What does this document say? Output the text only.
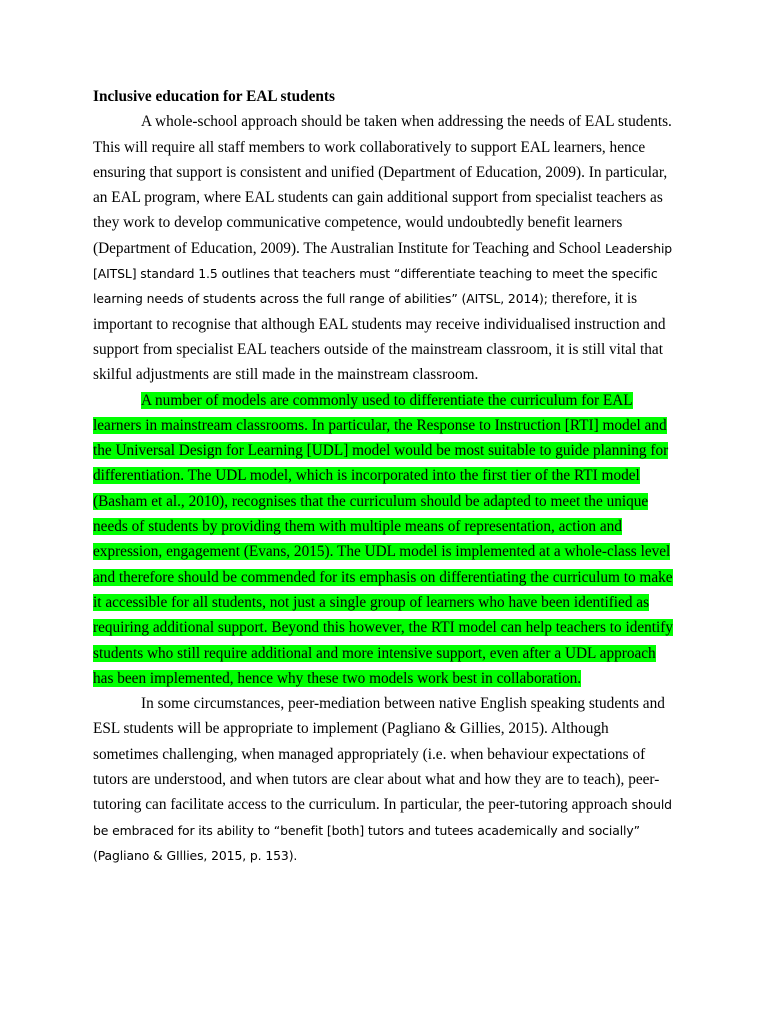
Inclusive education for EAL students

A whole-school approach should be taken when addressing the needs of EAL students. This will require all staff members to work collaboratively to support EAL learners, hence ensuring that support is consistent and unified (Department of Education, 2009). In particular, an EAL program, where EAL students can gain additional support from specialist teachers as they work to develop communicative competence, would undoubtedly benefit learners (Department of Education, 2009). The Australian Institute for Teaching and School Leadership [AITSL] standard 1.5 outlines that teachers must “differentiate teaching to meet the specific learning needs of students across the full range of abilities” (AITSL, 2014); therefore, it is important to recognise that although EAL students may receive individualised instruction and support from specialist EAL teachers outside of the mainstream classroom, it is still vital that skilful adjustments are still made in the mainstream classroom.

A number of models are commonly used to differentiate the curriculum for EAL learners in mainstream classrooms. In particular, the Response to Instruction [RTI] model and the Universal Design for Learning [UDL] model would be most suitable to guide planning for differentiation. The UDL model, which is incorporated into the first tier of the RTI model (Basham et al., 2010), recognises that the curriculum should be adapted to meet the unique needs of students by providing them with multiple means of representation, action and expression, engagement (Evans, 2015). The UDL model is implemented at a whole-class level and therefore should be commended for its emphasis on differentiating the curriculum to make it accessible for all students, not just a single group of learners who have been identified as requiring additional support. Beyond this however, the RTI model can help teachers to identify students who still require additional and more intensive support, even after a UDL approach has been implemented, hence why these two models work best in collaboration.

In some circumstances, peer-mediation between native English speaking students and ESL students will be appropriate to implement (Pagliano & Gillies, 2015). Although sometimes challenging, when managed appropriately (i.e. when behaviour expectations of tutors are understood, and when tutors are clear about what and how they are to teach), peer-tutoring can facilitate access to the curriculum. In particular, the peer-tutoring approach should be embraced for its ability to “benefit [both] tutors and tutees academically and socially” (Pagliano & GIllies, 2015, p. 153).
